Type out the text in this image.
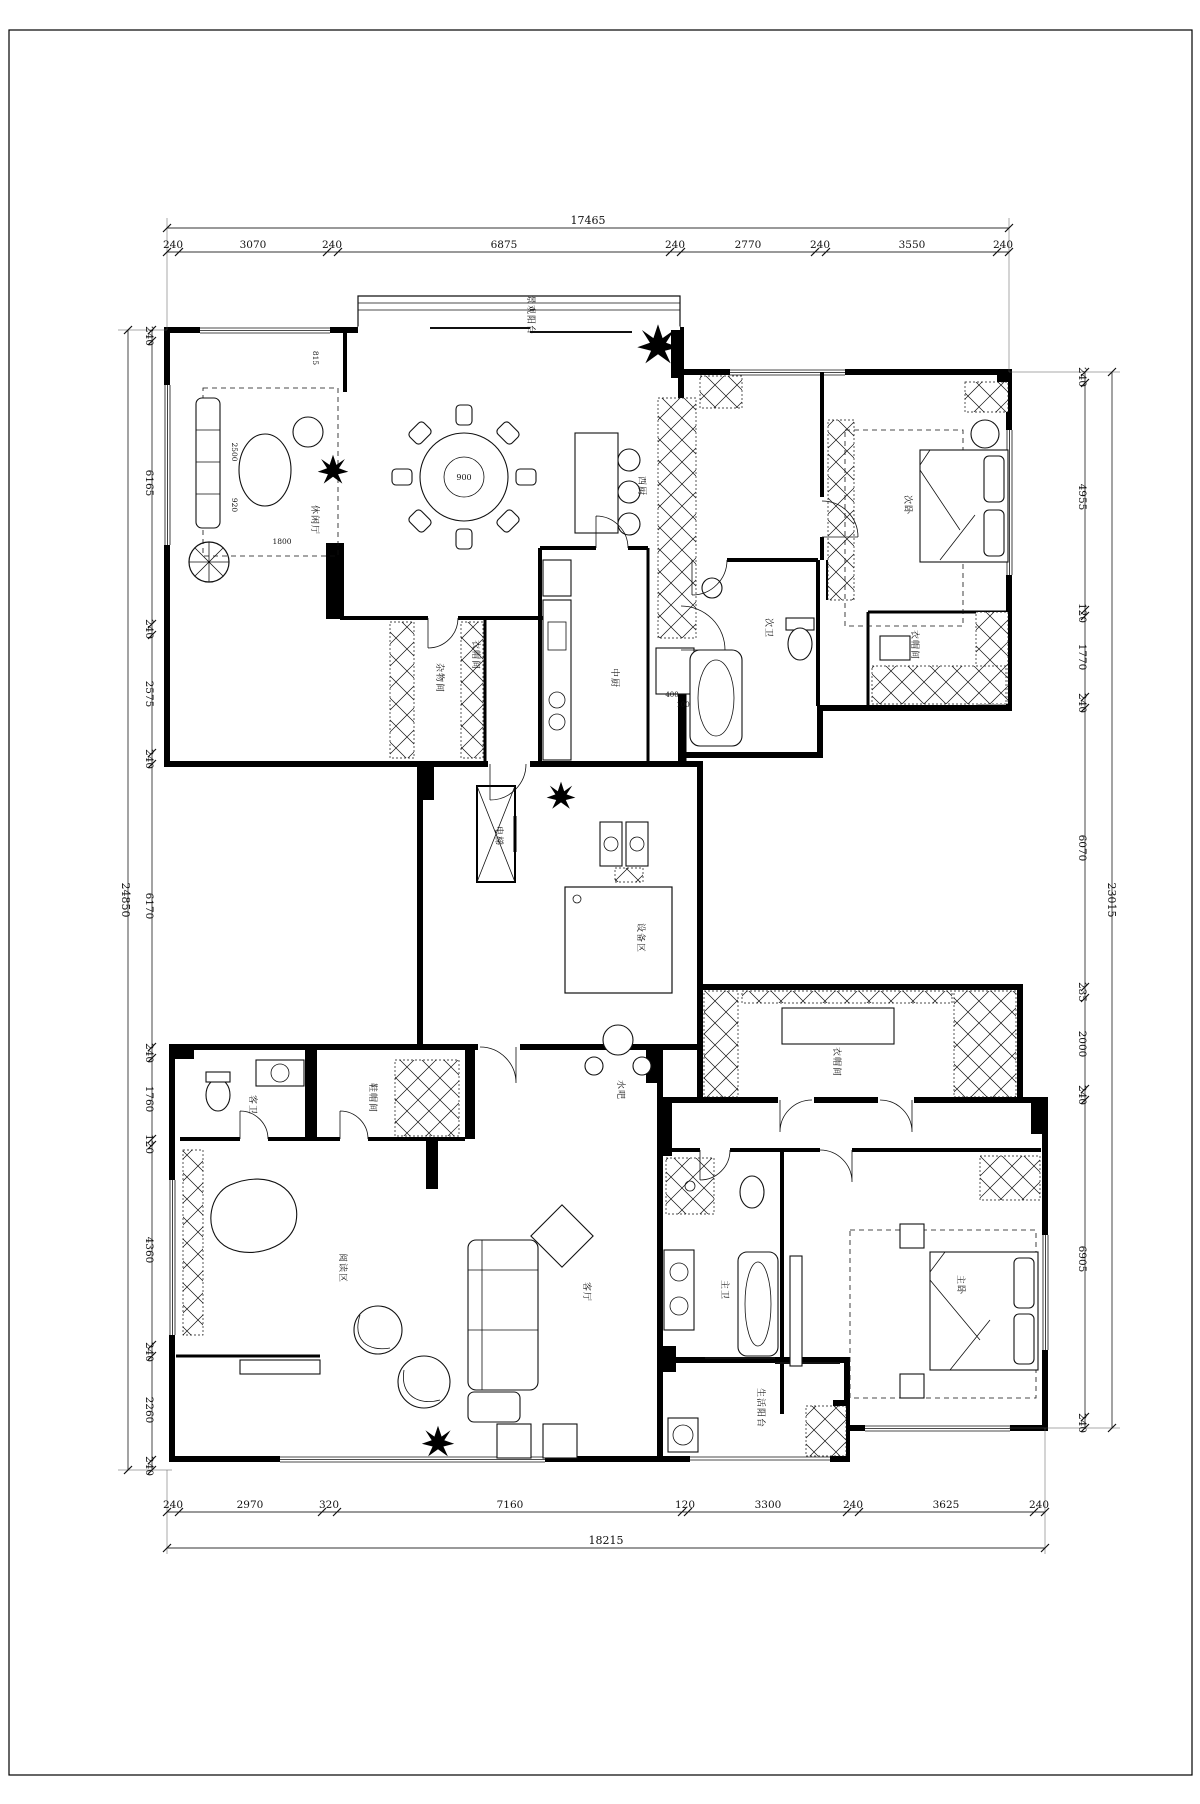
休闲厅
景观阳台
西厨
次卧
衣帽间
杂物间
衣帽间
中厨
次卫
电梯
设备区
水吧
衣帽间
客卫	鞋帽间
阅读区
客厅	主卫	主卧
生活阳台
815
2500
920
1800
900
400
100
17465
240	3070	240	6875	240	2770	240	3550	240
18215
240	2970	320	7160	120	3300	240	3625	240
24850
240
6165
240
2575
240
6170
240
1760
120
4360
240
2260
240
23015
240
4955
120
1770
240
6070
235
2000
240
6905
240
